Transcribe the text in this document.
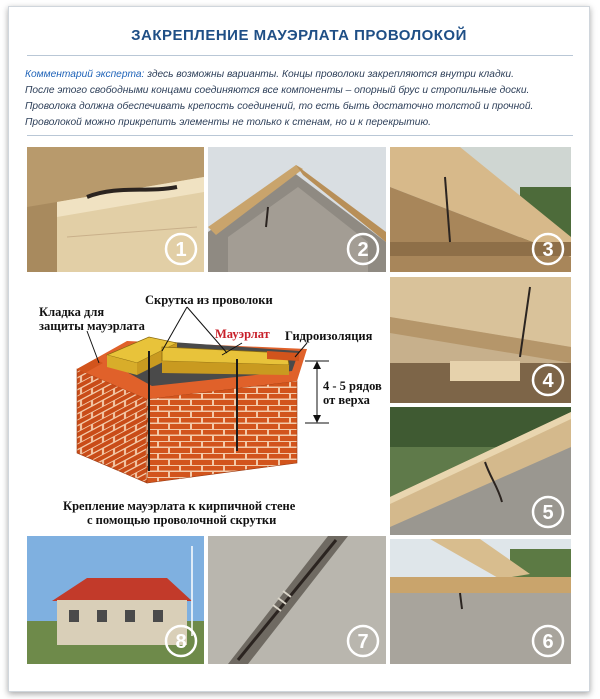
ЗАКРЕПЛЕНИЕ МАУЭРЛАТА ПРОВОЛОКОЙ
Комментарий эксперта: здесь возможны варианты. Концы проволоки закрепляются внутри кладки.
После этого свободными концами соединяются все компоненты – опорный брус и стропильные доски.
Проволока должна обеспечивать крепость соединений, то есть быть достаточно толстой и прочной.
Проволокой можно прикрепить элементы не только к стенам, но и к перекрытию.
1	2	3
4
5
8	7	6
Кладка для
защиты мауэрлата
Скрутка из проволоки
Мауэрлат Гидроизоляция
4 - 5 рядов
от верха
Крепление мауэрлата к кирпичной стене
с помощью проволочной скрутки
